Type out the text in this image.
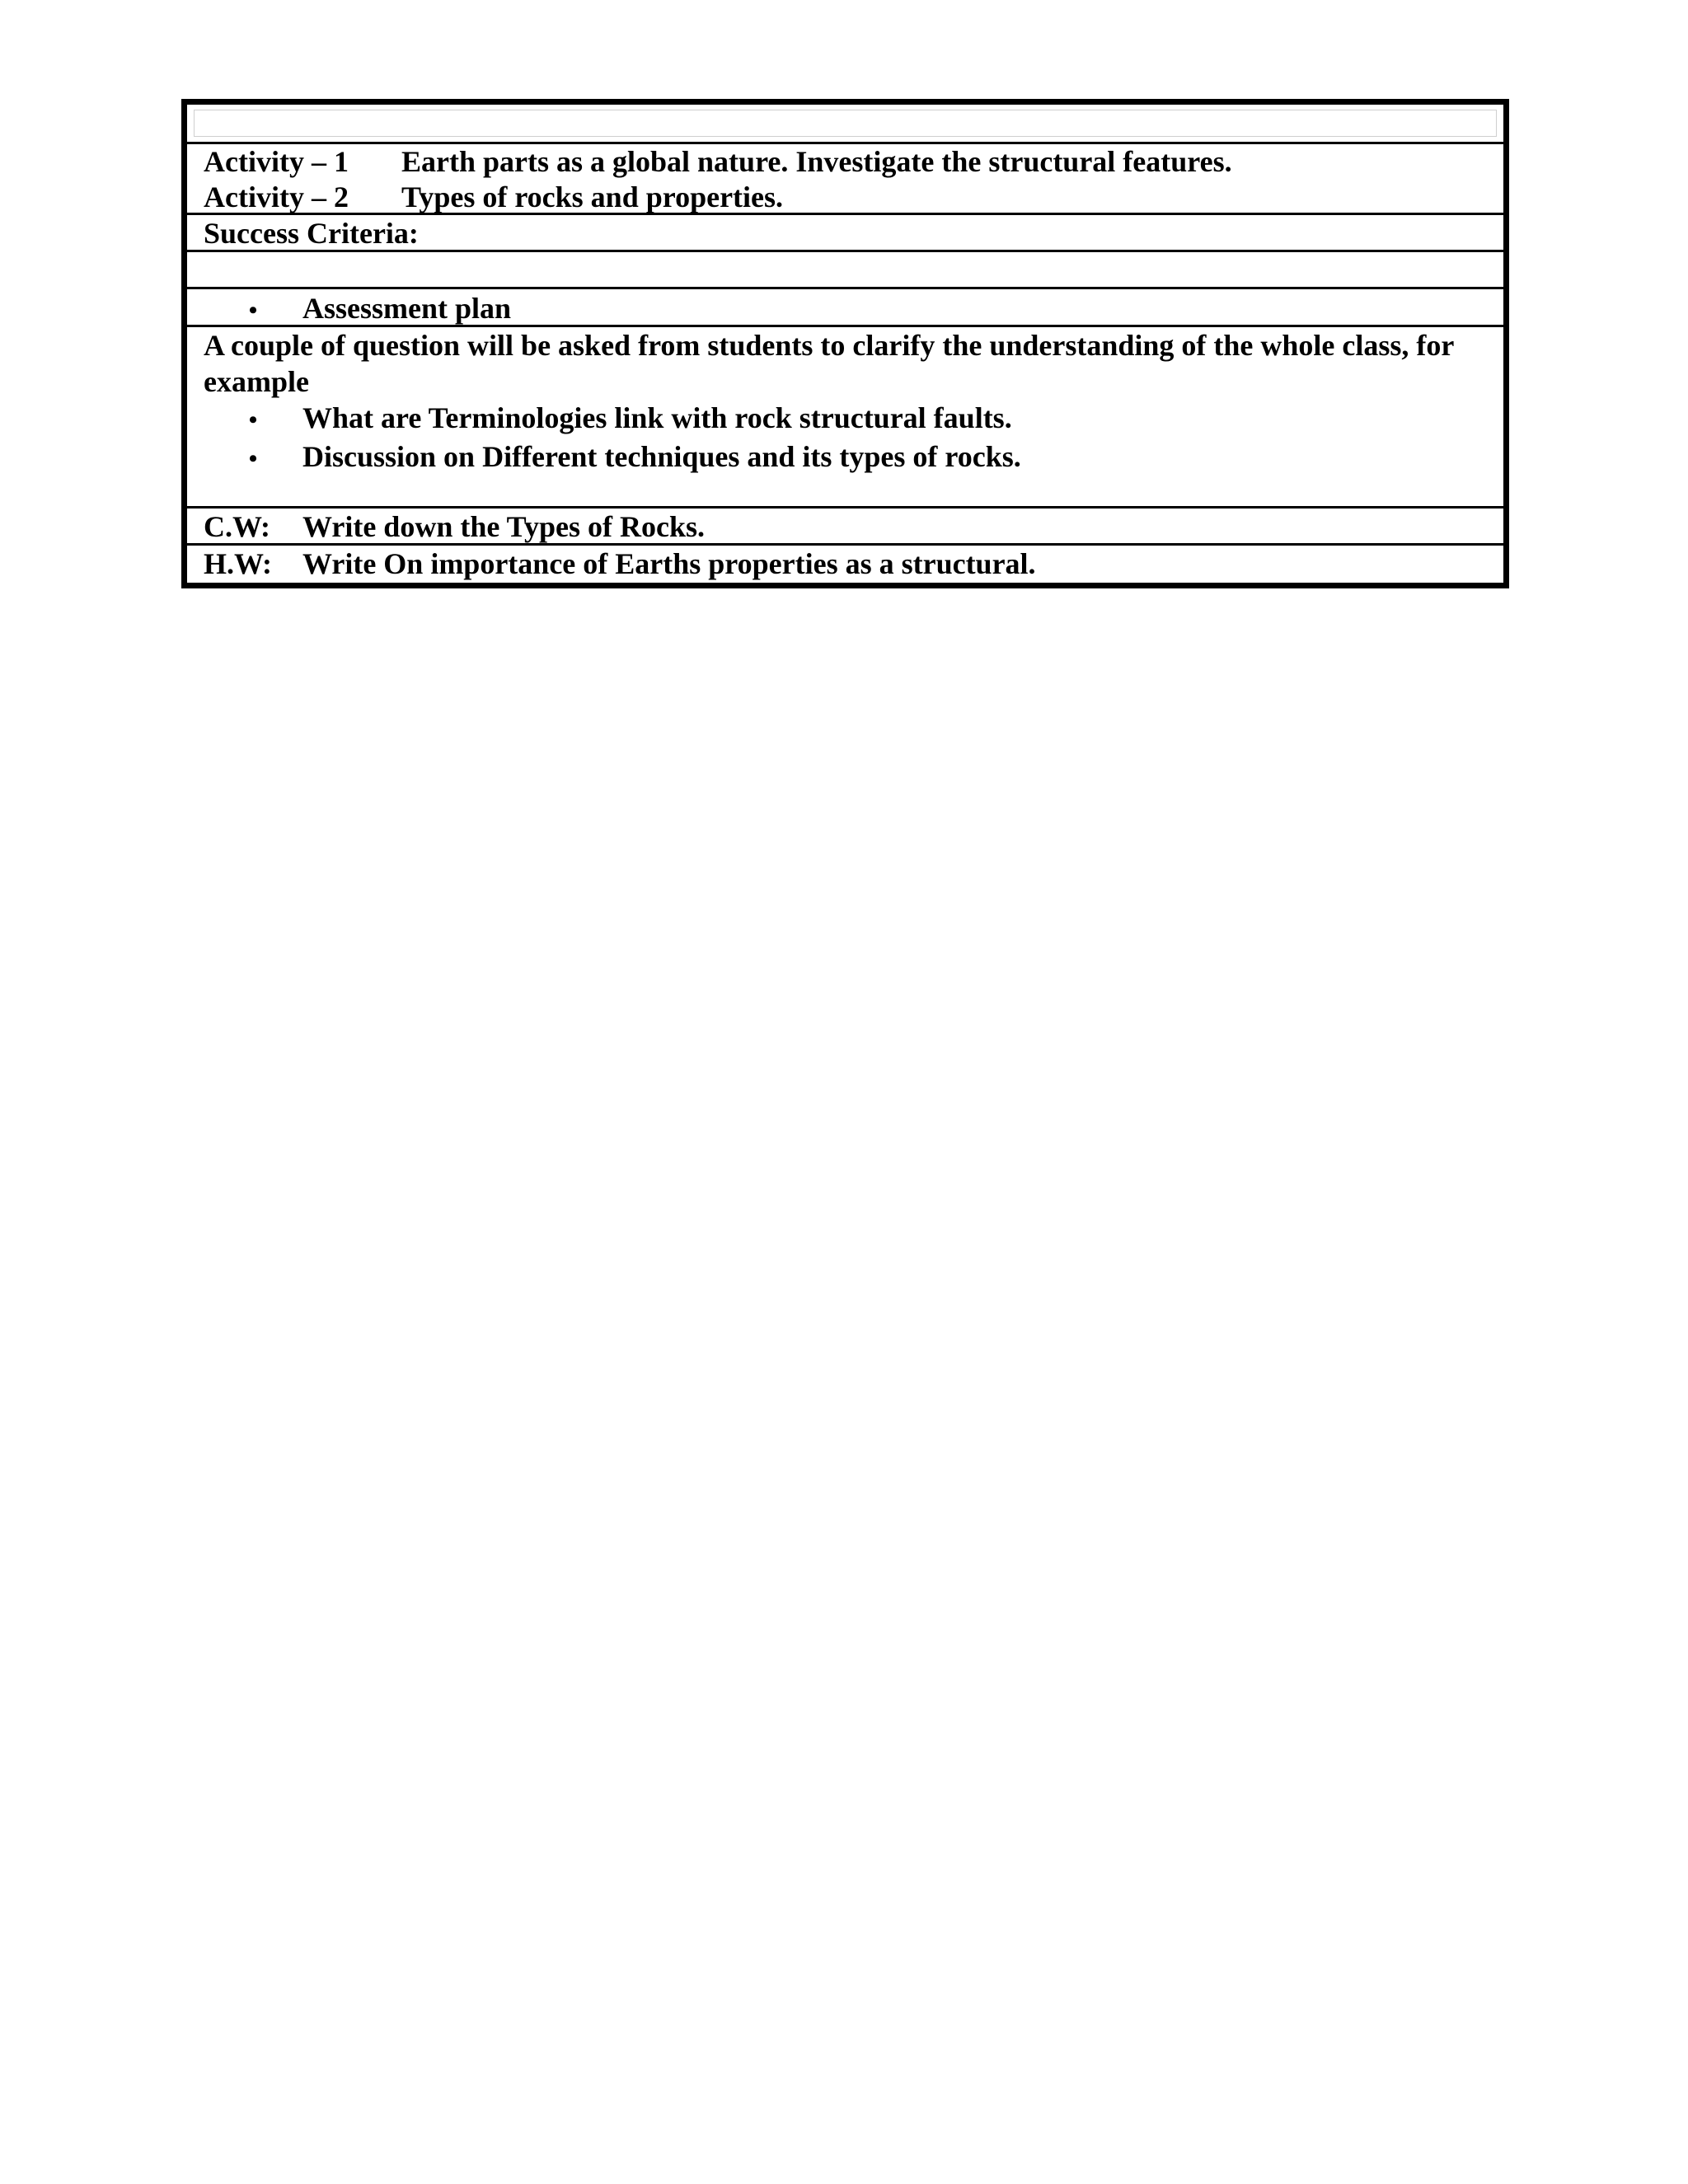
Activity – 1	Earth parts as a global nature. Investigate the structural features.
Activity – 2	Types of rocks and properties.
Success Criteria:
•	Assessment plan
A couple of question will be asked from students to clarify the understanding of the whole class, for example
•	What are Terminologies link with rock structural faults.
•	Discussion on Different techniques and its types of rocks.
C.W:	Write down the Types of Rocks.
H.W:	Write On importance of Earths properties as a structural.
